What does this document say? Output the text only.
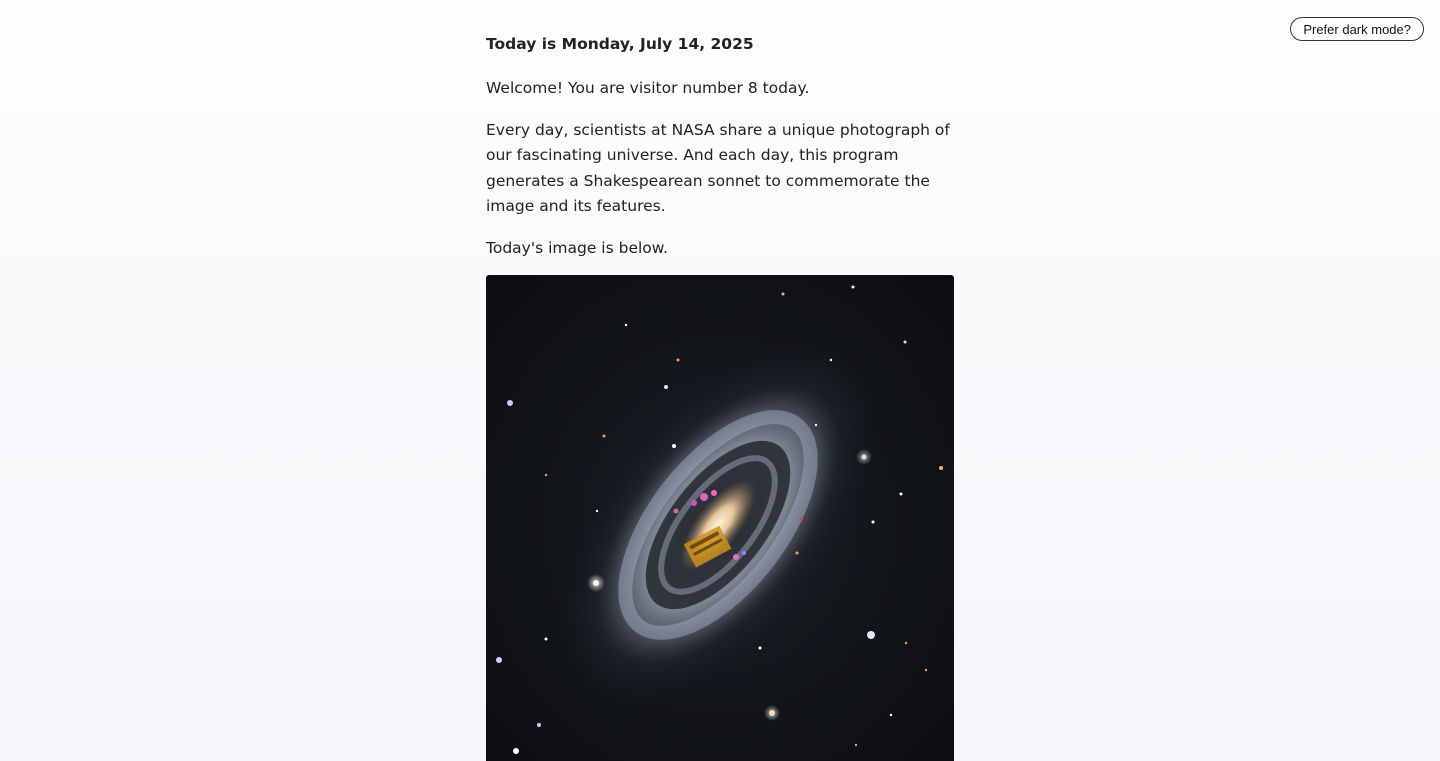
Prefer dark mode?

Today is Monday, July 14, 2025

Welcome! You are visitor number 8 today.

Every day, scientists at NASA share a unique photograph of our fascinating universe. And each day, this program generates a Shakespearean sonnet to commemorate the image and its features.

Today's image is below.
